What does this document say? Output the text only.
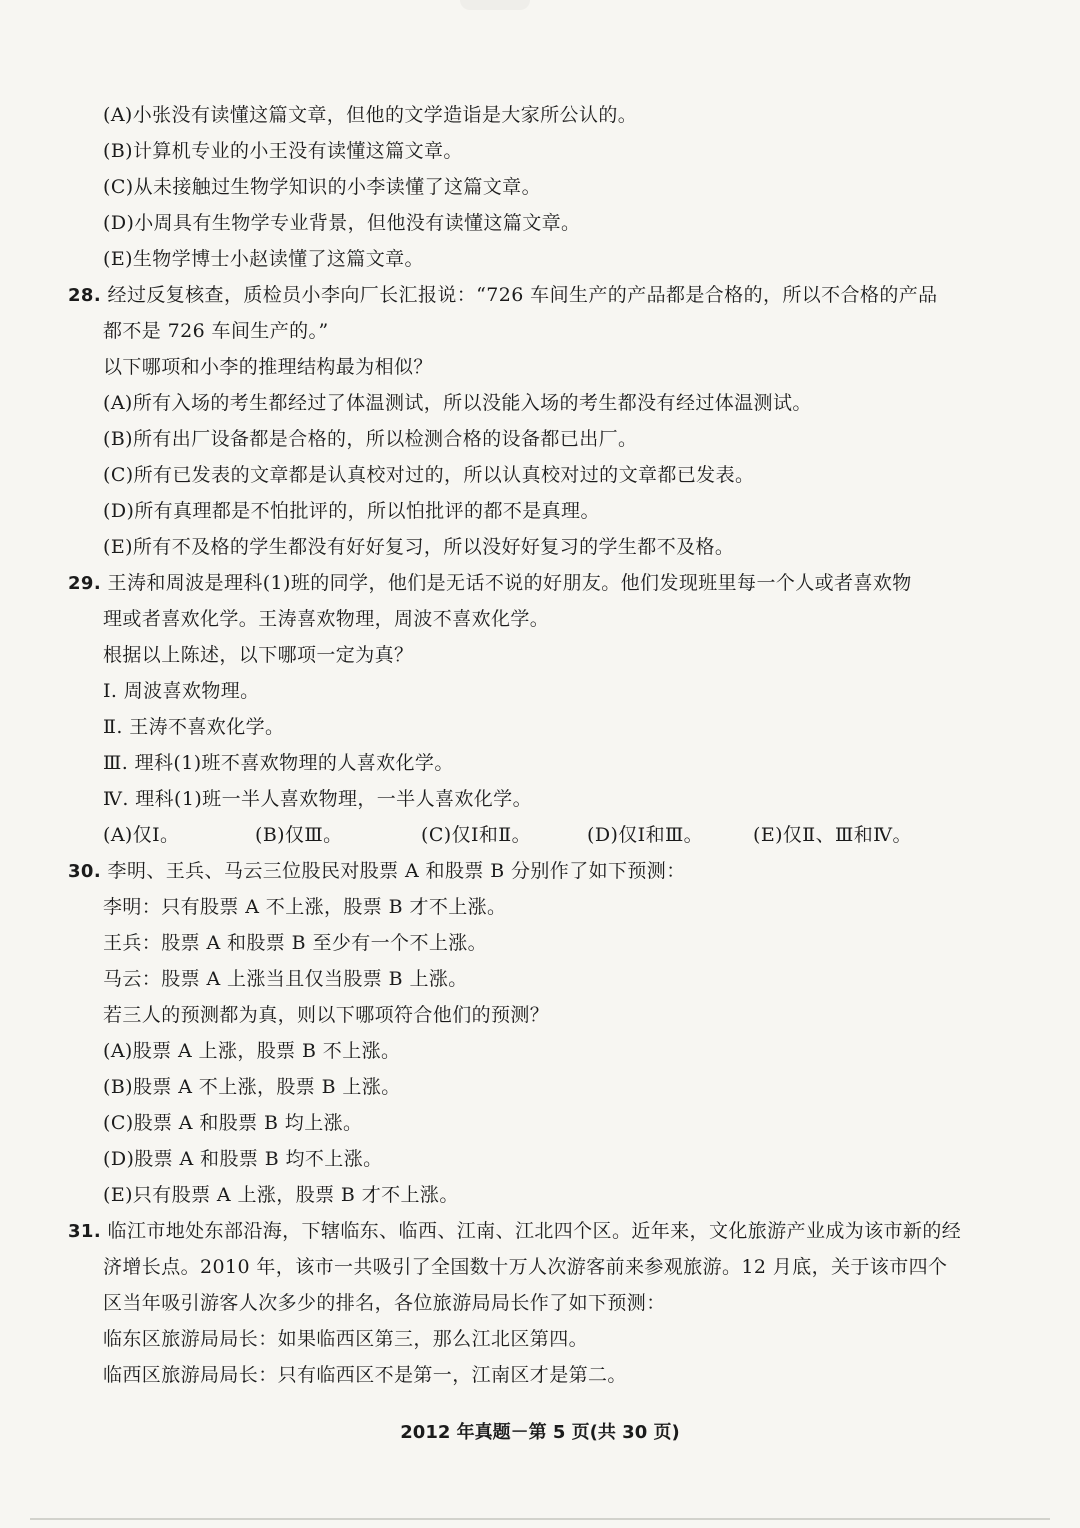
(A)小张没有读懂这篇文章，但他的文学造诣是大家所公认的。
(B)计算机专业的小王没有读懂这篇文章。
(C)从未接触过生物学知识的小李读懂了这篇文章。
(D)小周具有生物学专业背景，但他没有读懂这篇文章。
(E)生物学博士小赵读懂了这篇文章。
28. 经过反复核查，质检员小李向厂长汇报说：“726 车间生产的产品都是合格的，所以不合格的产品
都不是 726 车间生产的。”
以下哪项和小李的推理结构最为相似？
(A)所有入场的考生都经过了体温测试，所以没能入场的考生都没有经过体温测试。
(B)所有出厂设备都是合格的，所以检测合格的设备都已出厂。
(C)所有已发表的文章都是认真校对过的，所以认真校对过的文章都已发表。
(D)所有真理都是不怕批评的，所以怕批评的都不是真理。
(E)所有不及格的学生都没有好好复习，所以没好好复习的学生都不及格。
29. 王涛和周波是理科(1)班的同学，他们是无话不说的好朋友。他们发现班里每一个人或者喜欢物
理或者喜欢化学。王涛喜欢物理，周波不喜欢化学。
根据以上陈述，以下哪项一定为真？
Ⅰ. 周波喜欢物理。
Ⅱ. 王涛不喜欢化学。
Ⅲ. 理科(1)班不喜欢物理的人喜欢化学。
Ⅳ. 理科(1)班一半人喜欢物理，一半人喜欢化学。
(A)仅Ⅰ。	(B)仅Ⅲ。	(C)仅Ⅰ和Ⅱ。	(D)仅Ⅰ和Ⅲ。	(E)仅Ⅱ、Ⅲ和Ⅳ。
30. 李明、王兵、马云三位股民对股票 A 和股票 B 分别作了如下预测：
李明：只有股票 A 不上涨，股票 B 才不上涨。
王兵：股票 A 和股票 B 至少有一个不上涨。
马云：股票 A 上涨当且仅当股票 B 上涨。
若三人的预测都为真，则以下哪项符合他们的预测？
(A)股票 A 上涨，股票 B 不上涨。
(B)股票 A 不上涨，股票 B 上涨。
(C)股票 A 和股票 B 均上涨。
(D)股票 A 和股票 B 均不上涨。
(E)只有股票 A 上涨，股票 B 才不上涨。
31. 临江市地处东部沿海，下辖临东、临西、江南、江北四个区。近年来，文化旅游产业成为该市新的经
济增长点。2010 年，该市一共吸引了全国数十万人次游客前来参观旅游。12 月底，关于该市四个
区当年吸引游客人次多少的排名，各位旅游局局长作了如下预测：
临东区旅游局局长：如果临西区第三，那么江北区第四。
临西区旅游局局长：只有临西区不是第一，江南区才是第二。
2012 年真题－第 5 页(共 30 页)
